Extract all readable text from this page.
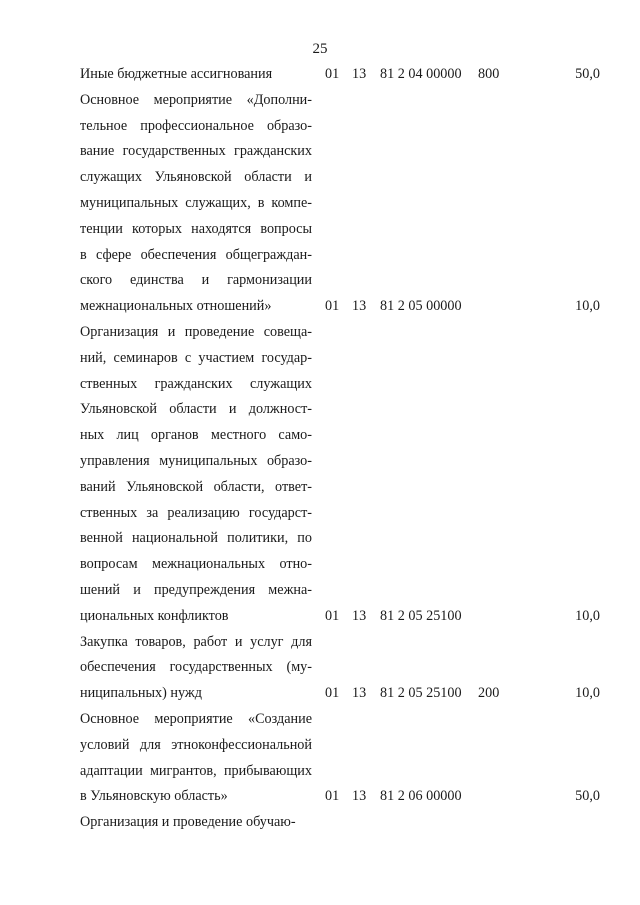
25
Иные бюджетные ассигнования	01 13 81 2 04 00000 800	50,0
Основное мероприятие «Дополни-
тельное профессиональное образо-
вание государственных гражданских
служащих Ульяновской области и
муниципальных служащих, в компе-
тенции которых находятся вопросы
в сфере обеспечения общеграждан-
ского единства и гармонизации
межнациональных отношений»	01 13 81 2 05 00000	10,0
Организация и проведение совеща-
ний, семинаров с участием государ-
ственных гражданских служащих
Ульяновской области и должност-
ных лиц органов местного само-
управления муниципальных образо-
ваний Ульяновской области, ответ-
ственных за реализацию государст-
венной национальной политики, по
вопросам межнациональных отно-
шений и предупреждения межна-
циональных конфликтов	01 13 81 2 05 25100	10,0
Закупка товаров, работ и услуг для
обеспечения государственных (му-
ниципальных) нужд	01 13 81 2 05 25100 200	10,0
Основное мероприятие «Создание
условий для этноконфессиональной
адаптации мигрантов, прибывающих
в Ульяновскую область»	01 13 81 2 06 00000	50,0
Организация и проведение обучаю-
